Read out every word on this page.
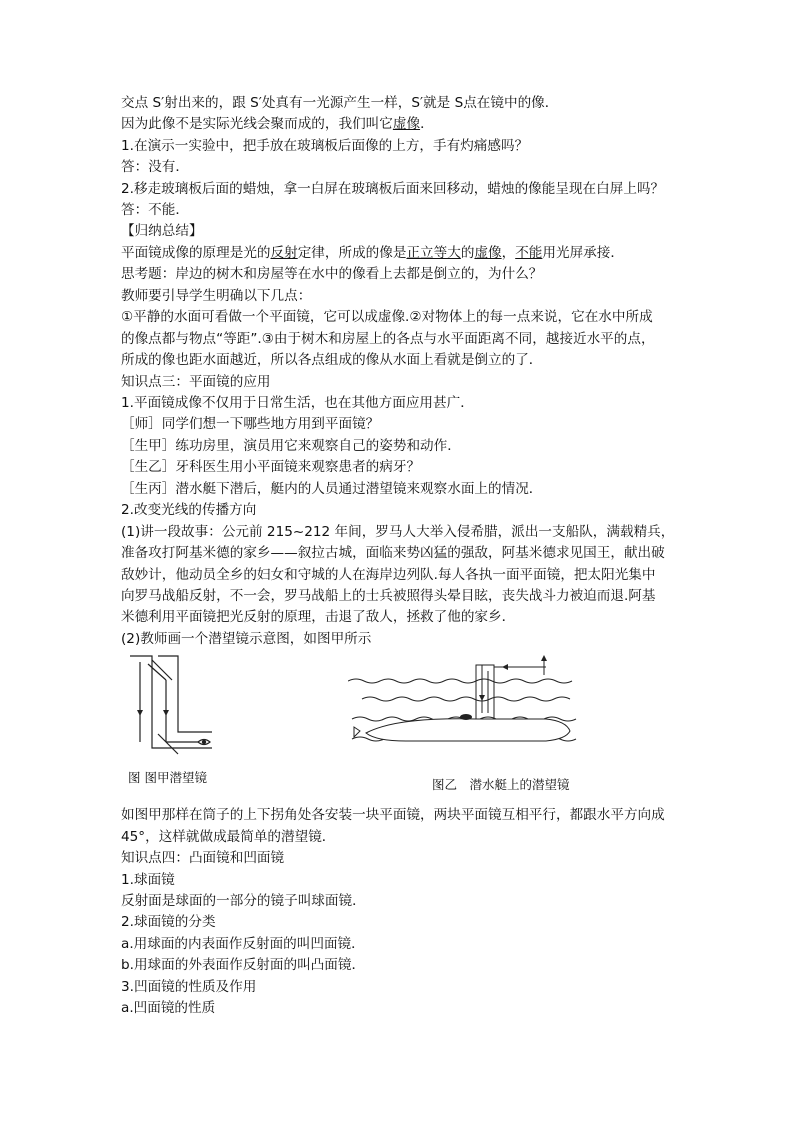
交点 S′射出来的，跟 S′处真有一光源产生一样，S′就是 S点在镜中的像．
因为此像不是实际光线会聚而成的，我们叫它虚像．
1.在演示一实验中，把手放在玻璃板后面像的上方，手有灼痛感吗？
答：没有．
2.移走玻璃板后面的蜡烛，拿一白屏在玻璃板后面来回移动，蜡烛的像能呈现在白屏上吗？
答：不能．
【归纳总结】
平面镜成像的原理是光的反射定律，所成的像是正立等大的虚像，不能用光屏承接．
思考题：岸边的树木和房屋等在水中的像看上去都是倒立的，为什么？
教师要引导学生明确以下几点：
①平静的水面可看做一个平面镜，它可以成虚像.②对物体上的每一点来说，它在水中所成
的像点都与物点“等距”.③由于树木和房屋上的各点与水平面距离不同，越接近水平的点，
所成的像也距水面越近，所以各点组成的像从水面上看就是倒立的了．
知识点三：平面镜的应用
1.平面镜成像不仅用于日常生活，也在其他方面应用甚广．
［师］同学们想一下哪些地方用到平面镜？
［生甲］练功房里，演员用它来观察自己的姿势和动作．
［生乙］牙科医生用小平面镜来观察患者的病牙？
［生丙］潜水艇下潜后，艇内的人员通过潜望镜来观察水面上的情况．
2.改变光线的传播方向
(1)讲一段故事：公元前 215~212 年间，罗马人大举入侵希腊，派出一支船队，满载精兵，
准备攻打阿基米德的家乡——叙拉古城，面临来势凶猛的强敌，阿基米德求见国王，献出破
敌妙计，他动员全乡的妇女和守城的人在海岸边列队.每人各执一面平面镜，把太阳光集中
向罗马战船反射，不一会，罗马战船上的士兵被照得头晕目眩，丧失战斗力被迫而退.阿基
米德利用平面镜把光反射的原理，击退了敌人，拯救了他的家乡．
(2)教师画一个潜望镜示意图，如图甲所示
图 图甲潜望镜	图乙　潜水艇上的潜望镜
如图甲那样在筒子的上下拐角处各安装一块平面镜，两块平面镜互相平行，都跟水平方向成
45°，这样就做成最简单的潜望镜．
知识点四：凸面镜和凹面镜
1.球面镜
反射面是球面的一部分的镜子叫球面镜．
2.球面镜的分类
a.用球面的内表面作反射面的叫凹面镜．
b.用球面的外表面作反射面的叫凸面镜．
3.凹面镜的性质及作用
a.凹面镜的性质
